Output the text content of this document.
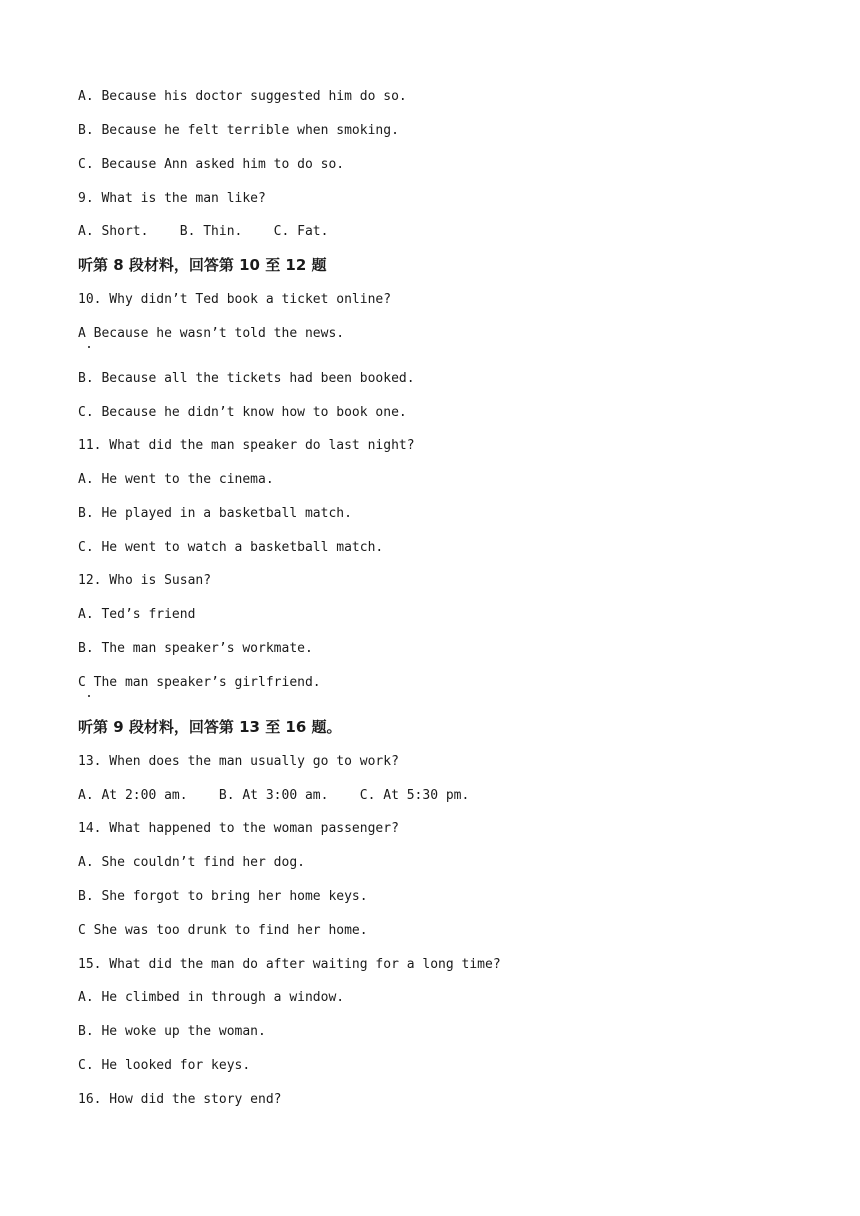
A. Because his doctor suggested him do so.
B. Because he felt terrible when smoking.
C. Because Ann asked him to do so.
9. What is the man like?
A. Short.    B. Thin.    C. Fat.
听第 8 段材料，回答第 10 至 12 题
10. Why didn’t Ted book a ticket online?
A Because he wasn’t told the news.
B. Because all the tickets had been booked.
C. Because he didn’t know how to book one.
11. What did the man speaker do last night?
A. He went to the cinema.
B. He played in a basketball match.
C. He went to watch a basketball match.
12. Who is Susan?
A. Ted’s friend
B. The man speaker’s workmate.
C The man speaker’s girlfriend.
听第 9 段材料，回答第 13 至 16 题。
13. When does the man usually go to work?
A. At 2:00 am.    B. At 3:00 am.    C. At 5:30 pm.
14. What happened to the woman passenger?
A. She couldn’t find her dog.
B. She forgot to bring her home keys.
C She was too drunk to find her home.
15. What did the man do after waiting for a long time?
A. He climbed in through a window.
B. He woke up the woman.
C. He looked for keys.
16. How did the story end?
